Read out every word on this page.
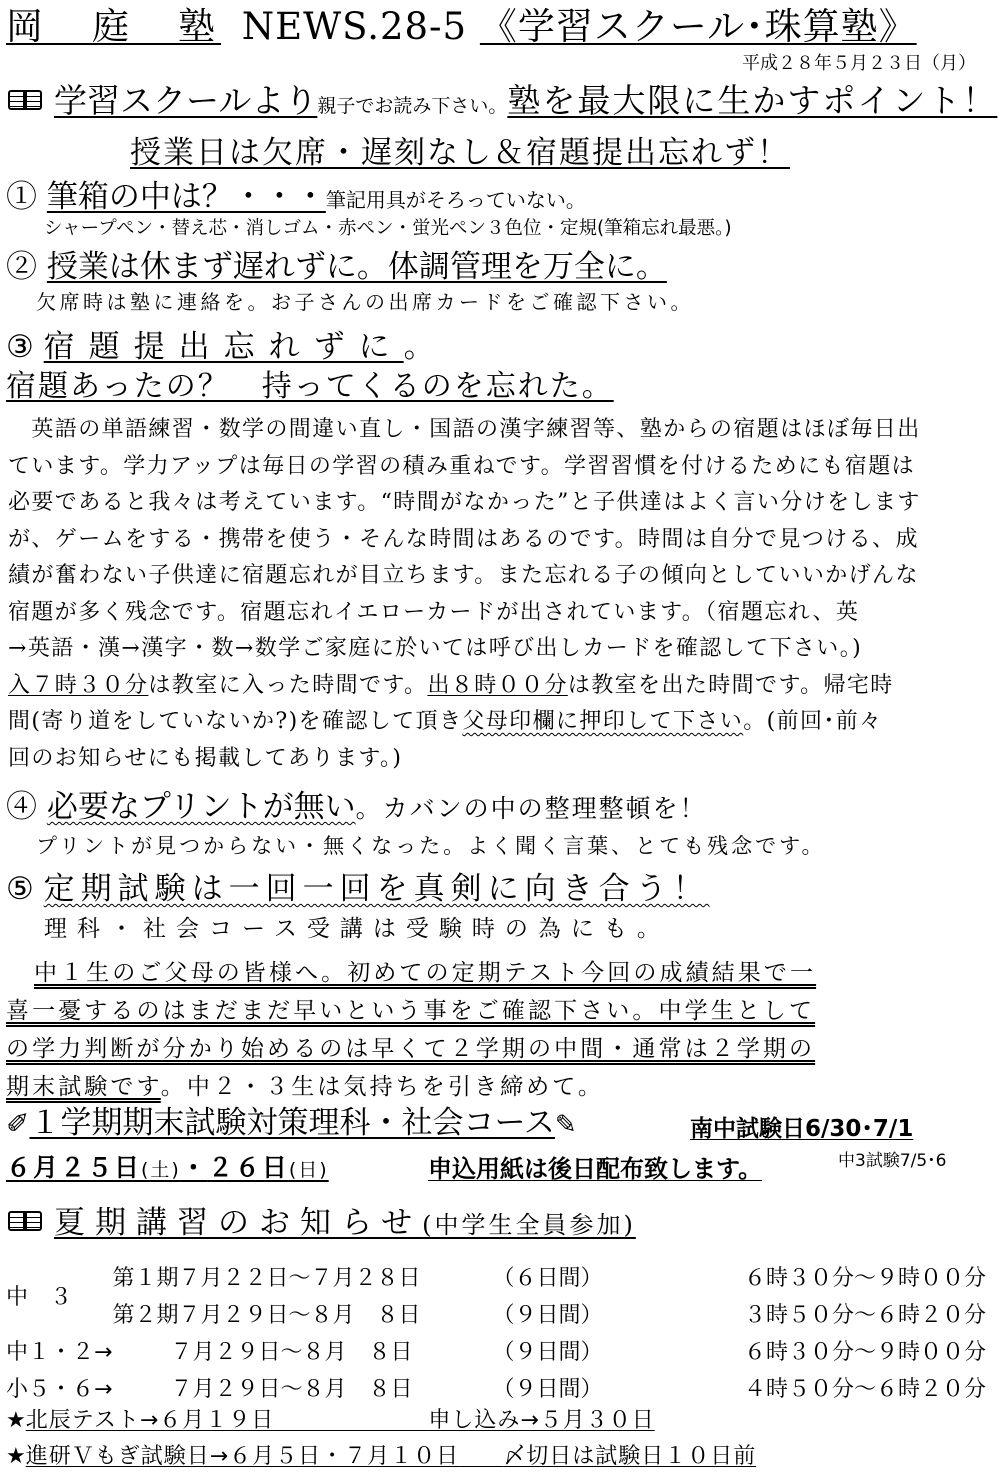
岡　庭　塾 NEWS.28-5 《学習スクール･珠算塾》
平成２８年５月２３日（月）
学習スクールより親子でお読み下さい。塾を最大限に生かすポイント！
授業日は欠席・遅刻なし＆宿題提出忘れず！
① 筆箱の中は？・・・筆記用具がそろっていない。
シャープペン・替え芯・消しゴム・赤ペン・蛍光ペン３色位・定規(筆箱忘れ最悪。)
② 授業は休まず遅れずに。体調管理を万全に。
欠席時は塾に連絡を。お子さんの出席カードをご確認下さい。
③ 宿題提出忘れずに。
宿題あったの？　持ってくるのを忘れた。

　英語の単語練習・数学の間違い直し・国語の漢字練習等、塾からの宿題はほぼ毎日出

ています。学力アップは毎日の学習の積み重ねです。学習習慣を付けるためにも宿題は

必要であると我々は考えています。“時間がなかった”と子供達はよく言い分けをします

が、ゲームをする・携帯を使う・そんな時間はあるのです。時間は自分で見つける、成

績が奮わない子供達に宿題忘れが目立ちます。また忘れる子の傾向としていいかげんな

宿題が多く残念です。宿題忘れイエローカードが出されています。（宿題忘れ、英

→英語・漢→漢字・数→数学ご家庭に於いては呼び出しカードを確認して下さい。)

入７時３０分は教室に入った時間です。出８時００分は教室を出た時間です。帰宅時

間(寄り道をしていないか?)を確認して頂き父母印欄に押印して下さい。(前回･前々

回のお知らせにも掲載してあります。)

④ 必要なプリントが無い。カバンの中の整理整頓を！
プリントが見つからない・無くなった。よく聞く言葉、とても残念です。
⑤ 定期試験は一回一回を真剣に向き合う！
理科・社会コース受講は受験時の為にも。
中１生のご父母の皆様へ。初めての定期テスト今回の成績結果で一
喜一憂するのはまだまだ早いという事をご確認下さい。中学生として
の学力判断が分かり始めるのは早くて２学期の中間・通常は２学期の
期末試験です。中２・３生は気持ちを引き締めて。
✐１学期期末試験対策理科・社会コース✎	南中試験日6/30･7/1
６月２５日(土)・２６日(日)	申込用紙は後日配布致します。	中3試験7/5･6
夏期講習のお知らせ(中学生全員参加)
中　３	第１期７月２２日～７月２８日	（６日間）	６時３０分～９時００分
	第２期７月２９日～８月　８日	（９日間）	３時５０分～６時２０分
中１・２→	７月２９日～８月　８日	（９日間）	６時３０分～９時００分
小５・６→	７月２９日～８月　８日	（９日間）	４時５０分～６時２０分
★北辰テスト→６月１９日　　　　　　　	申し込み→５月３０日
★進研Ｖもぎ試験日→６月５日・７月１０日　　 〆切日は試験日１０日前
